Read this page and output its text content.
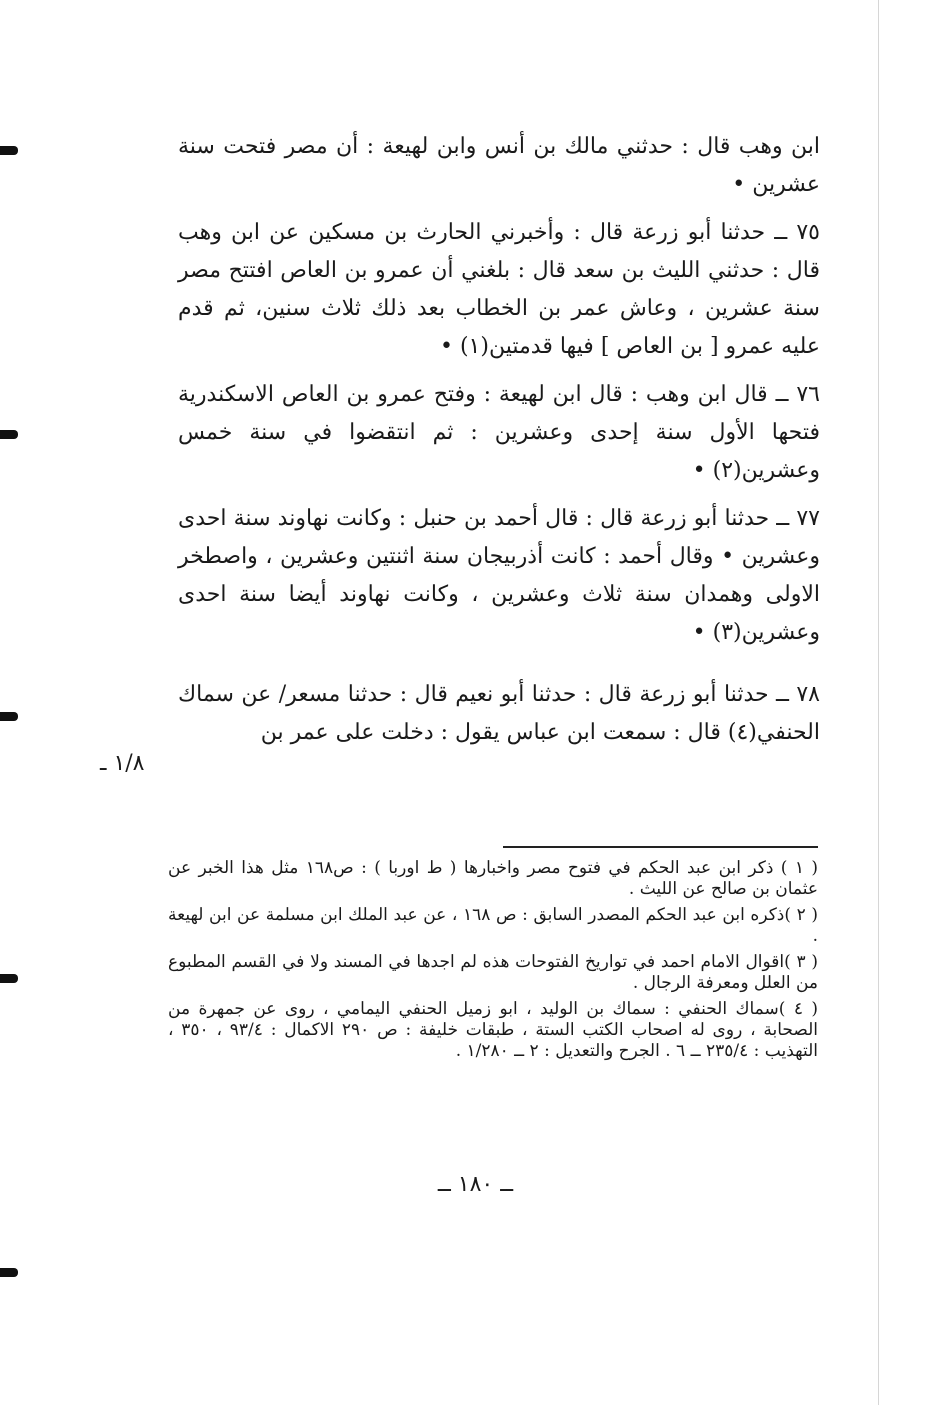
ابن وهب قال : حدثني مالك بن أنس وابن لهيعة : أن مصر فتحت سنة عشرين •

٧٥ ــ حدثنا أبو زرعة قال : وأخبرني الحارث بن مسكين عن ابن وهب قال : حدثني الليث بن سعد قال : بلغني أن عمرو بن العاص افتتح مصر سنة عشرين ، وعاش عمر بن الخطاب بعد ذلك ثلاث سنين، ثم قدم عليه عمرو [ بن العاص ] فيها قدمتين(١) •

٧٦ ــ قال ابن وهب : قال ابن لهيعة : وفتح عمرو بن العاص الاسكندرية فتحها الأول سنة إحدى وعشرين : ثم انتقضوا في سنة خمس وعشرين(٢) •

٧٧ ــ حدثنا أبو زرعة قال : قال أحمد بن حنبل : وكانت نهاوند سنة احدى وعشرين • وقال أحمد : كانت أذربيجان سنة اثنتين وعشرين ، واصطخر الاولى وهمدان سنة ثلاث وعشرين ، وكانت نهاوند أيضا سنة احدى وعشرين(٣) •

٧٨ ــ حدثنا أبو زرعة قال : حدثنا أبو نعيم قال : حدثنا مسعر/ عن سماك الحنفي(٤) قال : سمعت ابن عباس يقول : دخلت على عمر بن

١/٨ ـ

( ١ ) ذكر ابن عبد الحكم في فتوح مصر واخبارها ( ط اوربا ) : ص١٦٨ مثل هذا الخبر عن عثمان بن صالح عن الليث .

( ٢ )ذكره ابن عبد الحكم المصدر السابق : ص ١٦٨ ، عن عبد الملك ابن مسلمة عن ابن لهيعة .

( ٣ )اقوال الامام احمد في تواريخ الفتوحات هذه لم اجدها في المسند ولا في القسم المطبوع من العلل ومعرفة الرجال .

( ٤ )سماك الحنفي : سماك بن الوليد ، ابو زميل الحنفي اليمامي ، روى عن جمهرة من الصحابة ، روى له اصحاب الكتب الستة ، طبقات خليفة : ص ٢٩٠ الاكمال : ٩٣/٤ ، ٣٥٠ ، التهذيب : ٢٣٥/٤ ــ ٦ . الجرح والتعديل : ٢ ــ ١/٢٨٠ .

ــ ١٨٠ ــ
